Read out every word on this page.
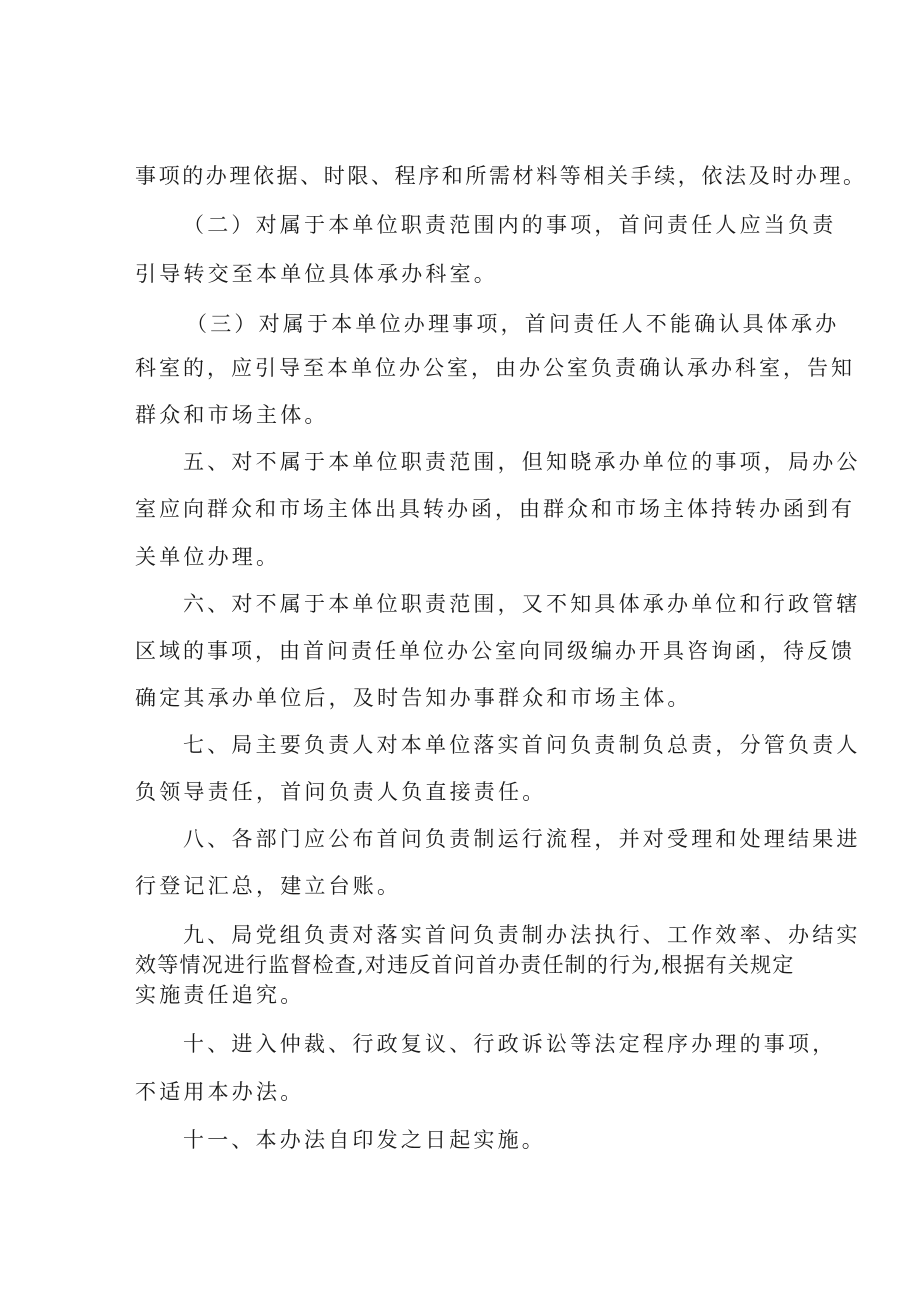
事项的办理依据、时限、程序和所需材料等相关手续，依法及时办理。
（二）对属于本单位职责范围内的事项，首问责任人应当负责
引导转交至本单位具体承办科室。
（三）对属于本单位办理事项，首问责任人不能确认具体承办
科室的，应引导至本单位办公室，由办公室负责确认承办科室，告知
群众和市场主体。
五、对不属于本单位职责范围，但知晓承办单位的事项，局办公
室应向群众和市场主体出具转办函，由群众和市场主体持转办函到有
关单位办理。
六、对不属于本单位职责范围，又不知具体承办单位和行政管辖
区域的事项，由首问责任单位办公室向同级编办开具咨询函，待反馈
确定其承办单位后，及时告知办事群众和市场主体。
七、局主要负责人对本单位落实首问负责制负总责，分管负责人
负领导责任，首问负责人负直接责任。
八、各部门应公布首问负责制运行流程，并对受理和处理结果进
行登记汇总，建立台账。
九、局党组负责对落实首问负责制办法执行、工作效率、办结实
效等情况进行监督检查,对违反首问首办责任制的行为,根据有关规定
实施责任追究。
十、进入仲裁、行政复议、行政诉讼等法定程序办理的事项，
不适用本办法。
十一、本办法自印发之日起实施。
